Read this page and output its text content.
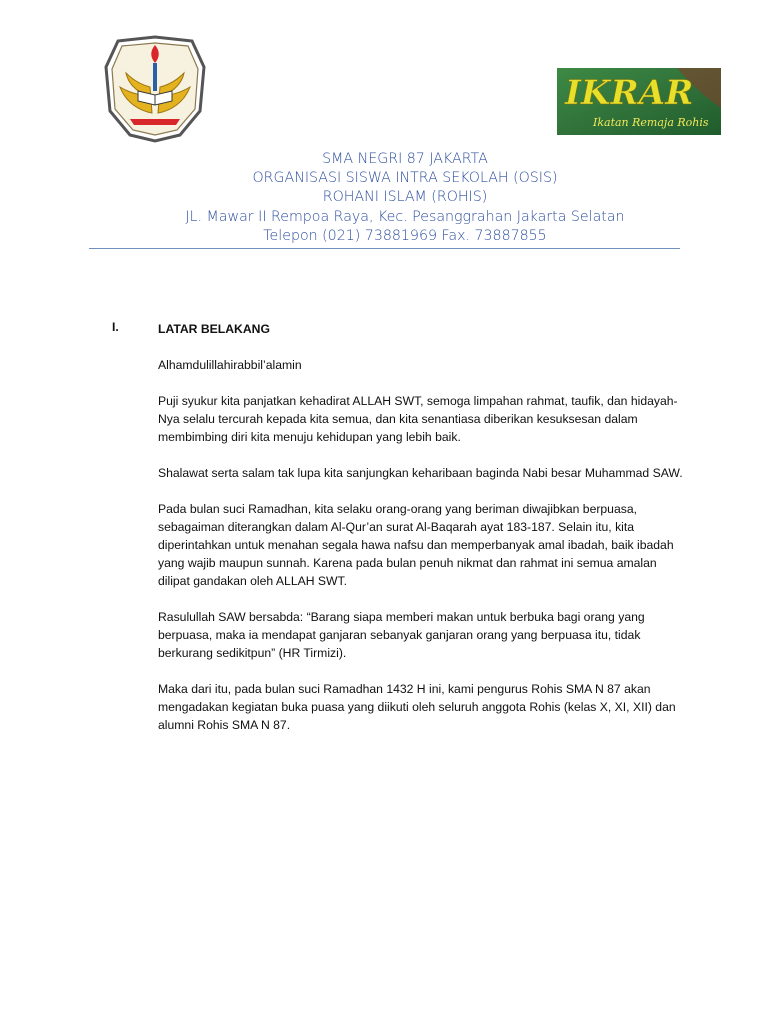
IKRAR
Ikatan Remaja Rohis
SMA NEGRI 87 JAKARTA
ORGANISASI SISWA INTRA SEKOLAH (OSIS)
ROHANI ISLAM (ROHIS)
JL. Mawar II Rempoa Raya, Kec. Pesanggrahan Jakarta Selatan
Telepon (021) 73881969 Fax. 73887855
I.	LATAR BELAKANG

Alhamdulillahirabbil’alamin

Puji syukur kita panjatkan kehadirat ALLAH SWT, semoga limpahan rahmat, taufik, dan hidayah-Nya selalu tercurah kepada kita semua, dan kita senantiasa diberikan kesuksesan dalam membimbing diri kita menuju kehidupan yang lebih baik.

Shalawat serta salam tak lupa kita sanjungkan keharibaan baginda Nabi besar Muhammad SAW.

Pada bulan suci Ramadhan, kita selaku orang-orang yang beriman diwajibkan berpuasa, sebagaiman diterangkan dalam Al-Qur’an surat Al-Baqarah ayat 183-187. Selain itu, kita diperintahkan untuk menahan segala hawa nafsu dan memperbanyak amal ibadah, baik ibadah yang wajib maupun sunnah. Karena pada bulan penuh nikmat dan rahmat ini semua amalan dilipat gandakan oleh ALLAH SWT.

Rasulullah SAW bersabda: “Barang siapa memberi makan untuk berbuka bagi orang yang berpuasa, maka ia mendapat ganjaran sebanyak ganjaran orang yang berpuasa itu, tidak berkurang sedikitpun” (HR Tirmizi).

Maka dari itu, pada bulan suci Ramadhan 1432 H ini, kami pengurus Rohis SMA N 87 akan mengadakan kegiatan buka puasa yang diikuti oleh seluruh anggota Rohis (kelas X, XI, XII) dan alumni Rohis SMA N 87.
